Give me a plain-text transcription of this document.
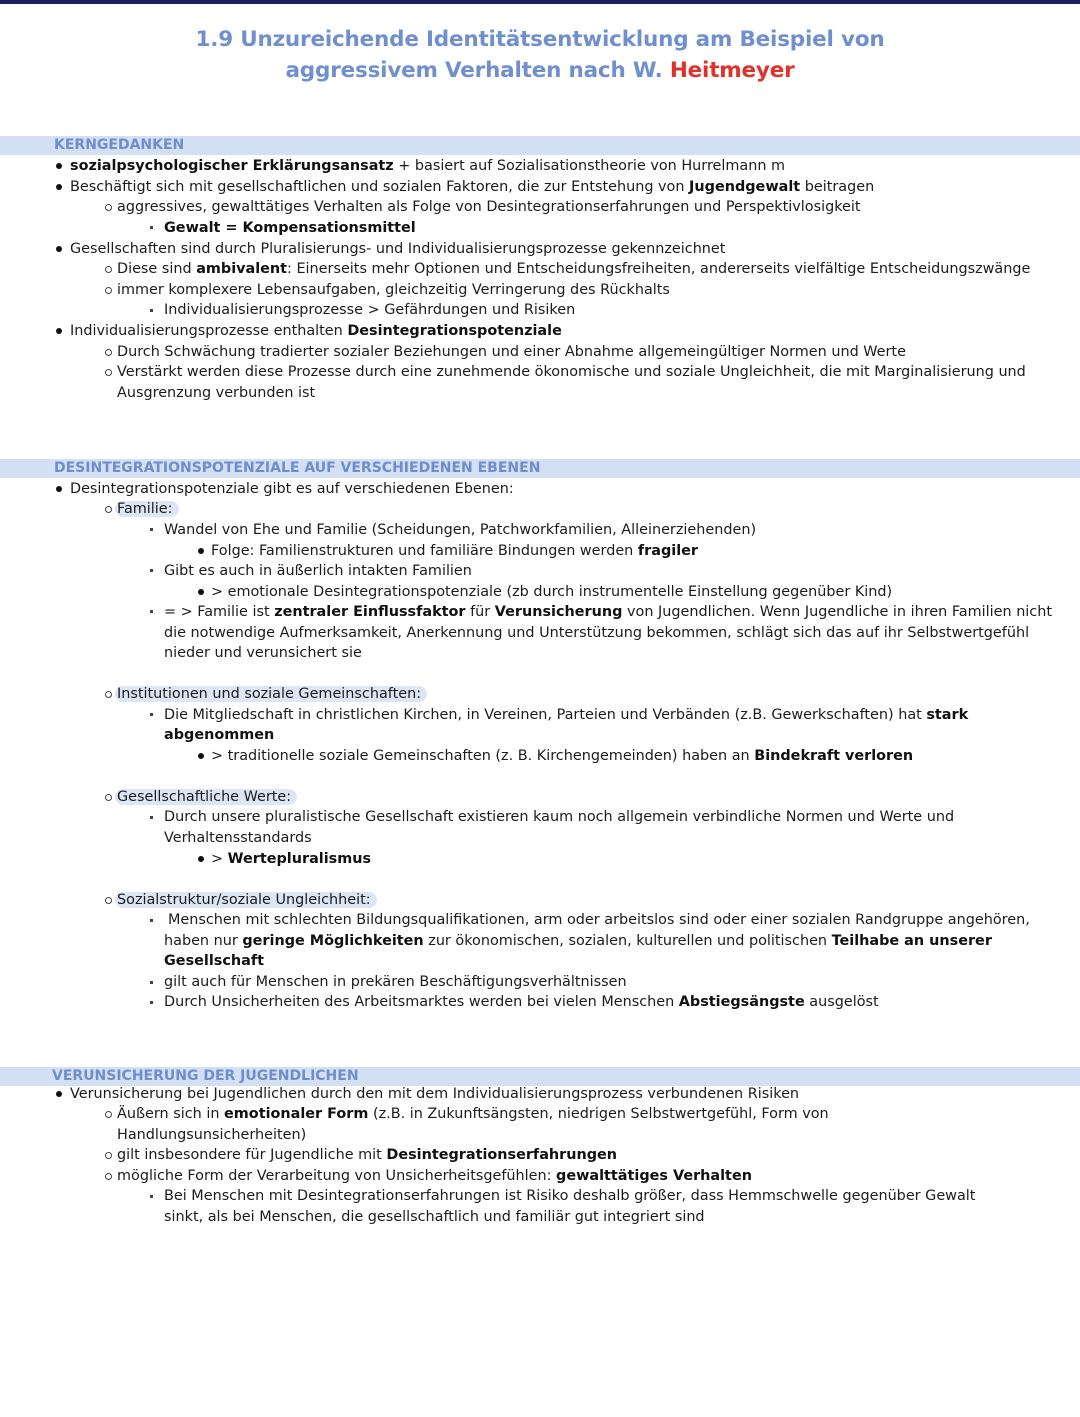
1.9 Unzureichende Identitätsentwicklung am Beispiel von
aggressivem Verhalten nach W. Heitmeyer
KERNGEDANKEN
sozialpsychologischer Erklärungsansatz + basiert auf Sozialisationstheorie von Hurrelmann m
Beschäftigt sich mit gesellschaftlichen und sozialen Faktoren, die zur Entstehung von Jugendgewalt beitragen
aggressives, gewalttätiges Verhalten als Folge von Desintegrationserfahrungen und Perspektivlosigkeit
Gewalt = Kompensationsmittel
Gesellschaften sind durch Pluralisierungs- und Individualisierungsprozesse gekennzeichnet
Diese sind ambivalent: Einerseits mehr Optionen und Entscheidungsfreiheiten, andererseits vielfältige Entscheidungszwänge
immer komplexere Lebensaufgaben, gleichzeitig Verringerung des Rückhalts
Individualisierungsprozesse > Gefährdungen und Risiken
Individualisierungsprozesse enthalten Desintegrationspotenziale
Durch Schwächung tradierter sozialer Beziehungen und einer Abnahme allgemeingültiger Normen und Werte
Verstärkt werden diese Prozesse durch eine zunehmende ökonomische und soziale Ungleichheit, die mit Marginalisierung und
Ausgrenzung verbunden ist
DESINTEGRATIONSPOTENZIALE AUF VERSCHIEDENEN EBENEN
Desintegrationspotenziale gibt es auf verschiedenen Ebenen:
Familie:
Wandel von Ehe und Familie (Scheidungen, Patchworkfamilien, Alleinerziehenden)
Folge: Familienstrukturen und familiäre Bindungen werden fragiler
Gibt es auch in äußerlich intakten Familien
> emotionale Desintegrationspotenziale (zb durch instrumentelle Einstellung gegenüber Kind)
= > Familie ist zentraler Einflussfaktor für Verunsicherung von Jugendlichen. Wenn Jugendliche in ihren Familien nicht
die notwendige Aufmerksamkeit, Anerkennung und Unterstützung bekommen, schlägt sich das auf ihr Selbstwertgefühl
nieder und verunsichert sie
Institutionen und soziale Gemeinschaften:
Die Mitgliedschaft in christlichen Kirchen, in Vereinen, Parteien und Verbänden (z.B. Gewerkschaften) hat stark
abgenommen
> traditionelle soziale Gemeinschaften (z. B. Kirchengemeinden) haben an Bindekraft verloren
Gesellschaftliche Werte:
Durch unsere pluralistische Gesellschaft existieren kaum noch allgemein verbindliche Normen und Werte und
Verhaltensstandards
> Wertepluralismus
Sozialstruktur/soziale Ungleichheit:
Menschen mit schlechten Bildungsqualifikationen, arm oder arbeitslos sind oder einer sozialen Randgruppe angehören,
haben nur geringe Möglichkeiten zur ökonomischen, sozialen, kulturellen und politischen Teilhabe an unserer
Gesellschaft
gilt auch für Menschen in prekären Beschäftigungsverhältnissen
Durch Unsicherheiten des Arbeitsmarktes werden bei vielen Menschen Abstiegsängste ausgelöst
VERUNSICHERUNG DER JUGENDLICHEN
Verunsicherung bei Jugendlichen durch den mit dem Individualisierungsprozess verbundenen Risiken
Äußern sich in emotionaler Form (z.B. in Zukunftsängsten, niedrigen Selbstwertgefühl, Form von
Handlungsunsicherheiten)
gilt insbesondere für Jugendliche mit Desintegrationserfahrungen
mögliche Form der Verarbeitung von Unsicherheitsgefühlen: gewalttätiges Verhalten
Bei Menschen mit Desintegrationserfahrungen ist Risiko deshalb größer, dass Hemmschwelle gegenüber Gewalt
sinkt, als bei Menschen, die gesellschaftlich und familiär gut integriert sind
